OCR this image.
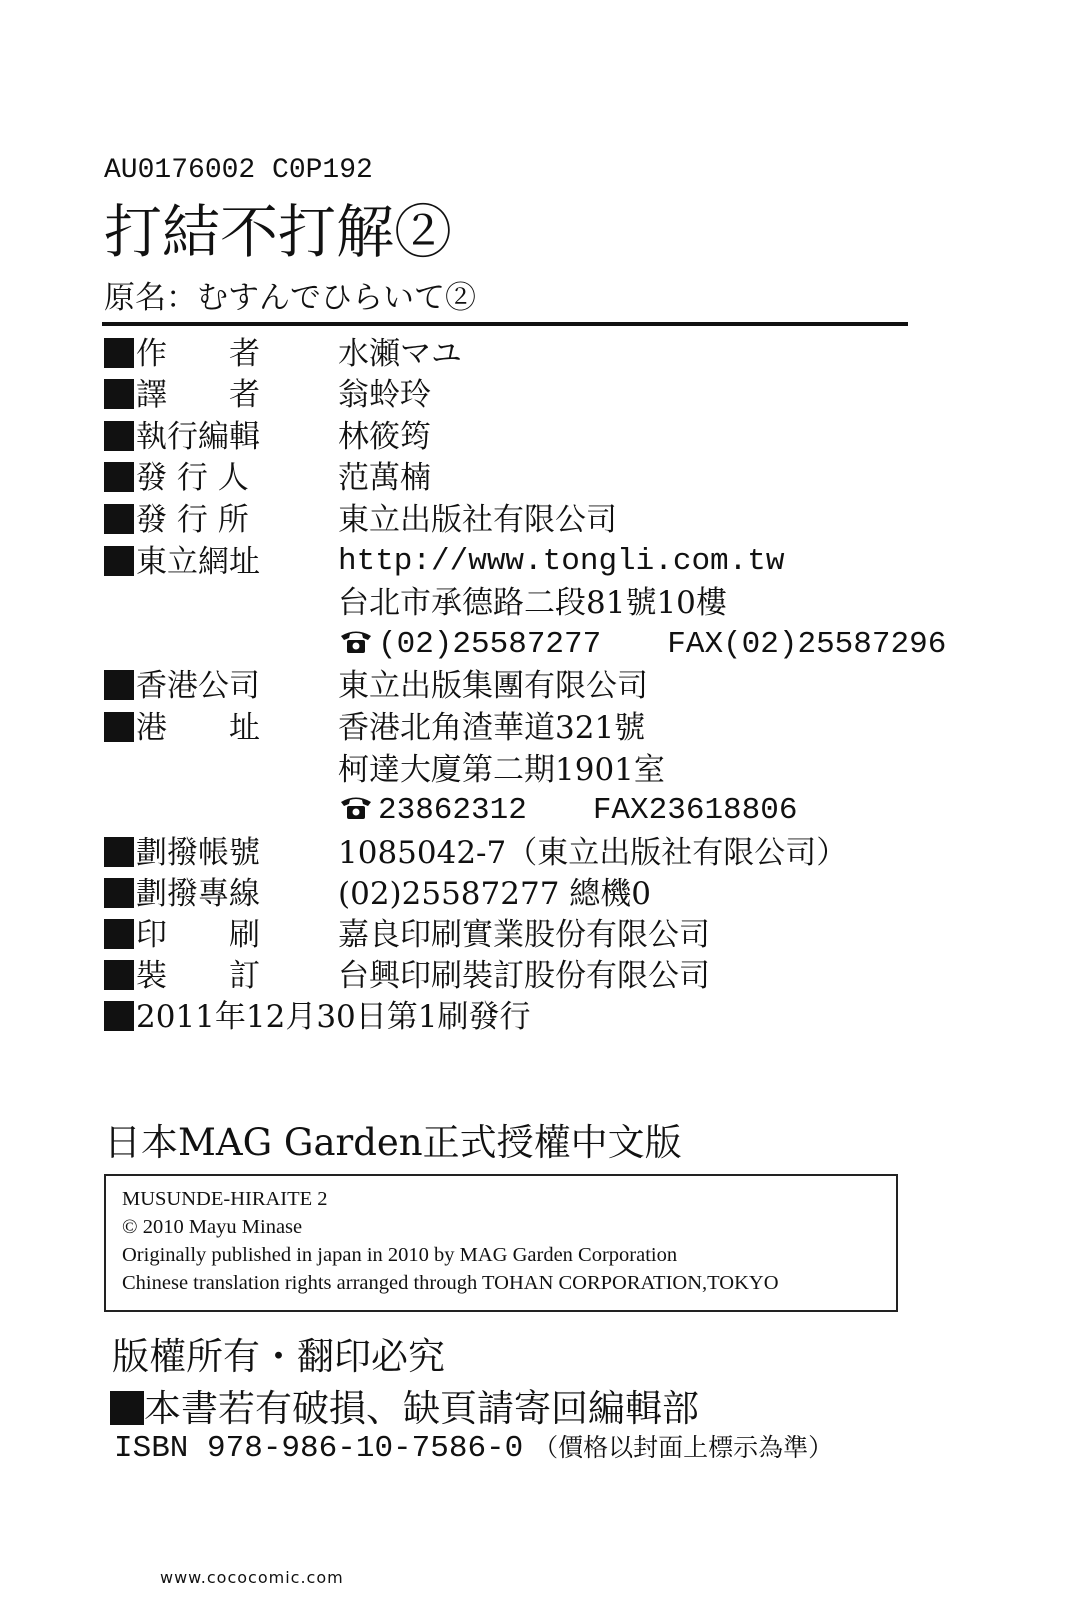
AU0176002 C0P192
打結不打解②
原名：むすんでひらいて②
作　　者	水瀬マユ
譯　　者	翁蛉玲
執行編輯	林筱筠
發 行 人	范萬楠
發 行 所	東立出版社有限公司
東立網址	http://www.tongli.com.tw
台北市承德路二段81號10樓
(02)25587277 FAX(02)25587296
香港公司	東立出版集團有限公司
港　　址	香港北角渣華道321號
柯達大廈第二期1901室
23862312 FAX23618806
劃撥帳號	1085042-7（東立出版社有限公司）
劃撥專線	(02)25587277 總機0
印　　刷	嘉良印刷實業股份有限公司
裝　　訂	台興印刷裝訂股份有限公司
2011年12月30日第1刷發行
日本MAG Garden正式授權中文版
MUSUNDE-HIRAITE 2
© 2010 Mayu Minase
Originally published in japan in 2010 by MAG Garden Corporation
Chinese translation rights arranged through TOHAN CORPORATION,TOKYO
版權所有・翻印必究
本書若有破損、缺頁請寄回編輯部
ISBN 978-986-10-7586-0 （價格以封面上標示為準）
www.cococomic.com
